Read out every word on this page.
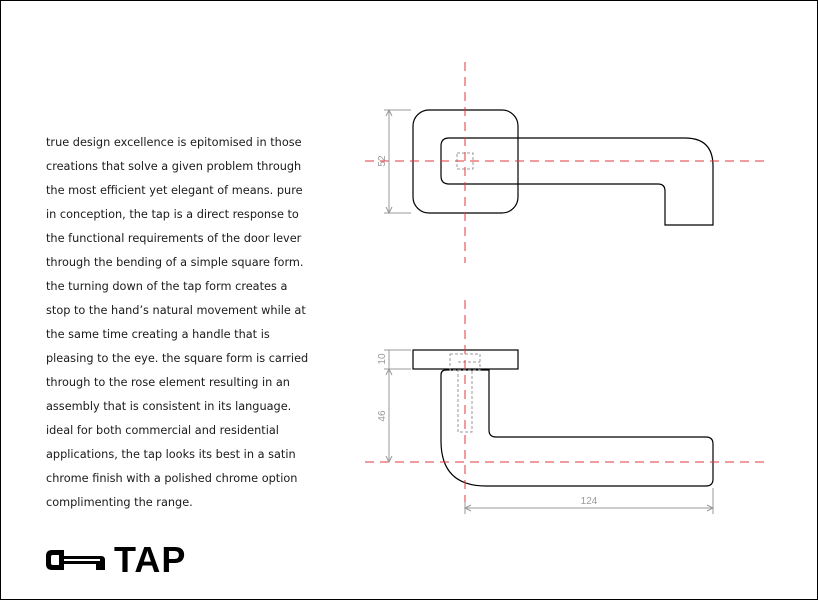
true design excellence is epitomised in those
creations that solve a given problem through
the most efficient yet elegant of means. pure
in conception, the tap is a direct response to
the functional requirements of the door lever
through the bending of a simple square form.
the turning down of the tap form creates a
stop to the hand’s natural movement while at
the same time creating a handle that is
pleasing to the eye. the square form is carried
through to the rose element resulting in an
assembly that is consistent in its language.
ideal for both commercial and residential
applications, the tap looks its best in a satin
chrome finish with a polished chrome option
complimenting the range.

52
10
46
124
TAP
